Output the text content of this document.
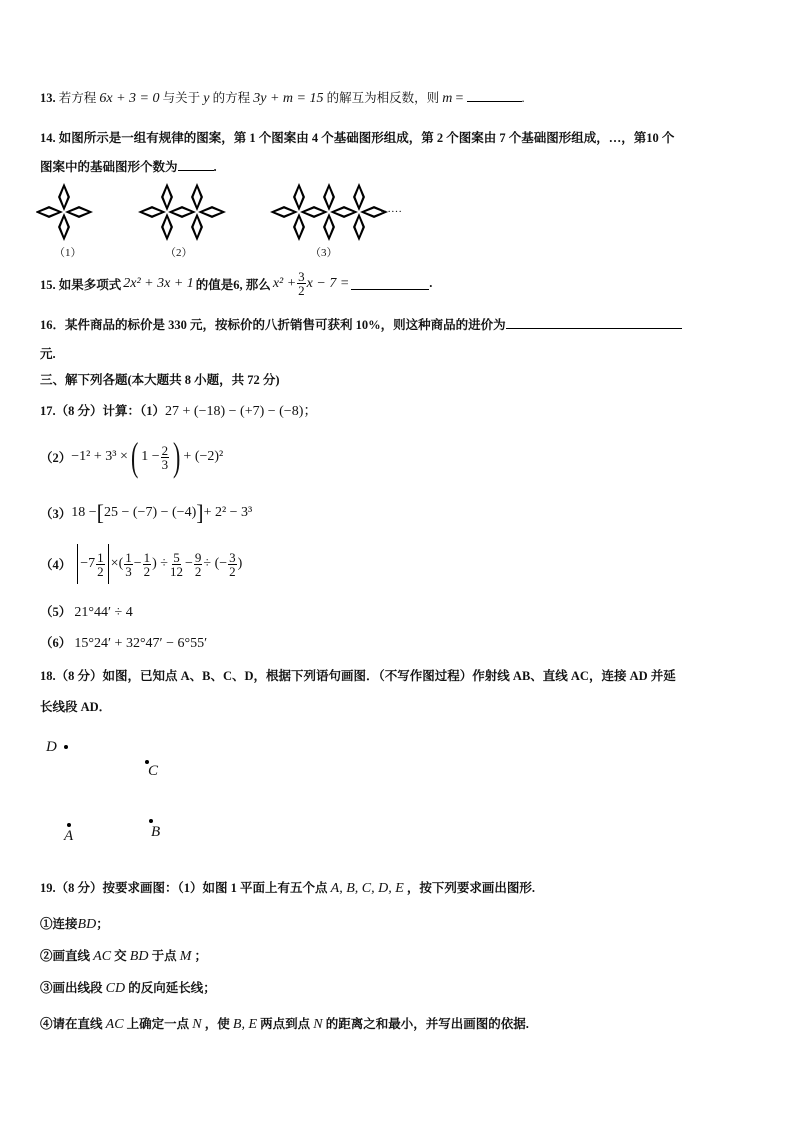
13. 若方程 6x + 3 = 0 与关于 y 的方程 3y + m = 15 的解互为相反数，则 m =	.
14. 如图所示是一组有规律的图案，第 1 个图案由 4 个基础图形组成，第 2 个图案由 7 个基础图形组成，…，第10 个
图案中的基础图形个数为	.
……
（1）	（2）	（3）
15. 如果多项式 2x² + 3x + 1 的值是6, 那么 $x^2 + \frac{3}{2}$ x − 7 =	.
16．某件商品的标价是 330 元，按标价的八折销售可获利 10%，则这种商品的进价为
元.
三、解下列各题(本大题共 8 小题，共 72 分)
17.（8 分）计算：（1）27 + (−18) − (+7) − (−8)；
（2） −1² + 3³ × ( $1 - \frac{2}{3}$ ) + (−2)²
（3） 18 − [ 25 − (−7) − (−4) ] + 2² − 3³
$(4) -7 \frac{1}{2}$ ×( $\frac{1}{3} - \frac{1}{2}$ ) ÷ $\frac{5}{12} - \frac{9}{2}$ ÷ (− $\frac{3}{2}$ )
（5） 21°44′ ÷ 4
（6） 15°24′ + 32°47′ − 6°55′
18.（8 分）如图，已知点 A、B、C、D，根据下列语句画图．（不写作图过程）作射线 AB、直线 AC，连接 AD 并延
长线段 AD．
D
C
A	B
19.（8 分）按要求画图：（1）如图 1 平面上有五个点 A, B, C, D, E ，按下列要求画出图形.
①连接BD；
②画直线 AC 交 BD 于点 M ；
③画出线段 CD 的反向延长线；
④请在直线 AC 上确定一点 N ，使 B, E 两点到点 N 的距离之和最小，并写出画图的依据.
